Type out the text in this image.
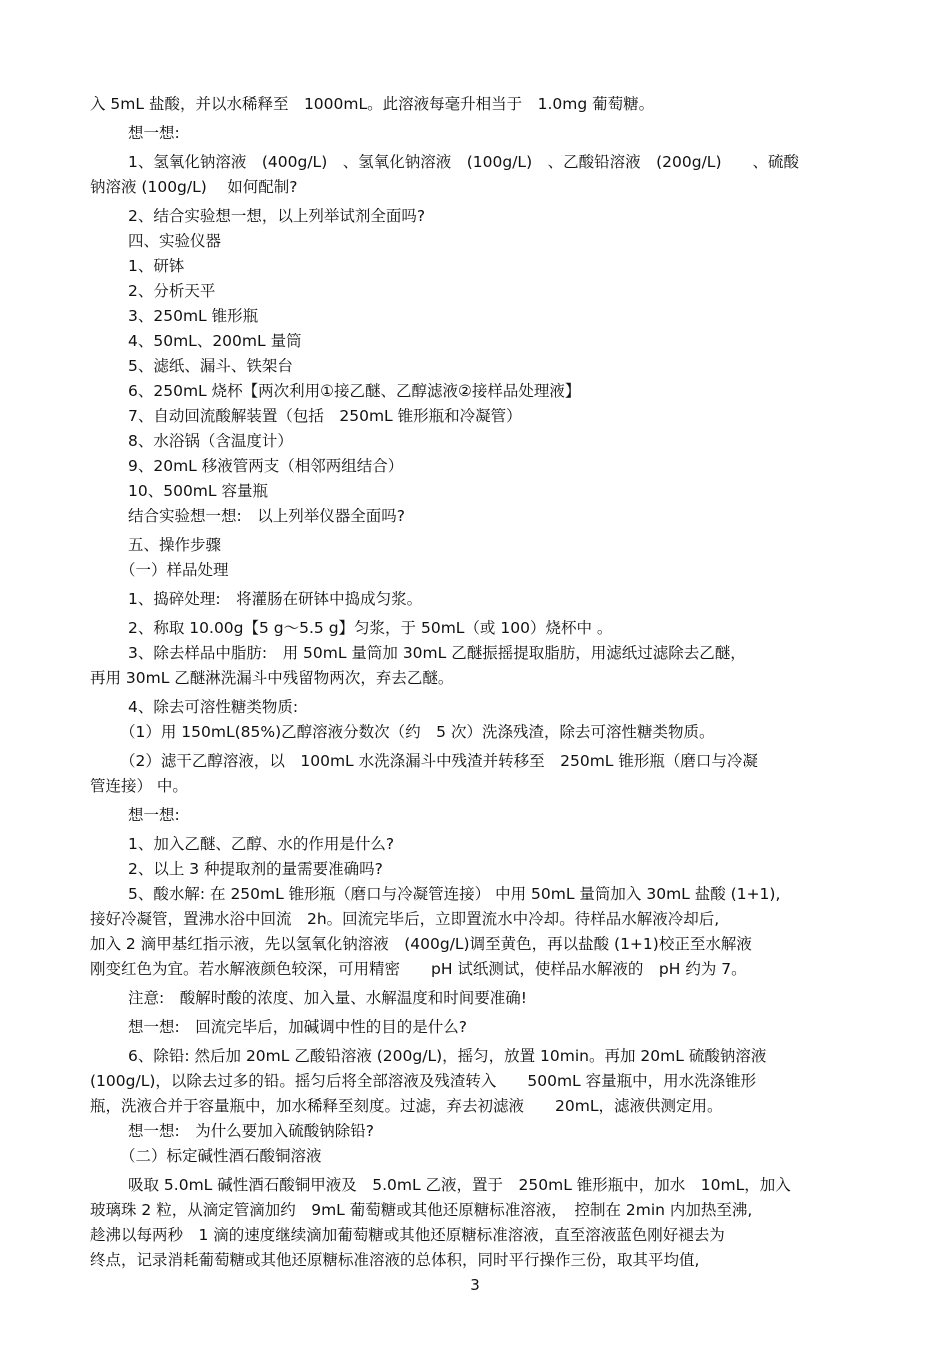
入 5mL 盐酸，并以水稀释至　1000mL。此溶液每毫升相当于　1.0mg 葡萄糖。
想一想:
1、氢氧化钠溶液　(400g/L)　、氢氧化钠溶液　(100g/L)　、乙酸铅溶液　(200g/L)　　、硫酸
钠溶液 (100g/L)　 如何配制?
2、结合实验想一想，以上列举试剂全面吗?
四、实验仪器
1、研钵
2、分析天平
3、250mL 锥形瓶
4、50mL、200mL 量筒
5、滤纸、漏斗、铁架台
6、250mL 烧杯【两次利用①接乙醚、乙醇滤液②接样品处理液】
7、自动回流酸解装置（包括　250mL 锥形瓶和冷凝管）
8、水浴锅（含温度计）
9、20mL 移液管两支（相邻两组结合）
10、500mL 容量瓶
结合实验想一想:　以上列举仪器全面吗?
五、操作步骤
（一）样品处理
1、捣碎处理:　将灌肠在研钵中捣成匀浆。
2、称取 10.00g【5 g～5.5 g】匀浆，于 50mL（或 100）烧杯中 。
3、除去样品中脂肪:　用 50mL 量筒加 30mL 乙醚振摇提取脂肪，用滤纸过滤除去乙醚，
再用 30mL 乙醚淋洗漏斗中残留物两次，弃去乙醚。
4、除去可溶性糖类物质:
（1）用 150mL(85%)乙醇溶液分数次（约　5 次）洗涤残渣，除去可溶性糖类物质。
（2）滤干乙醇溶液，以　100mL 水洗涤漏斗中残渣并转移至　250mL 锥形瓶（磨口与冷凝
管连接） 中。
想一想:
1、加入乙醚、乙醇、水的作用是什么?
2、以上 3 种提取剂的量需要准确吗?
5、酸水解: 在 250mL 锥形瓶（磨口与冷凝管连接） 中用 50mL 量筒加入 30mL 盐酸 (1+1),
接好冷凝管，置沸水浴中回流　2h。回流完毕后，立即置流水中冷却。待样品水解液冷却后,
加入 2 滴甲基红指示液，先以氢氧化钠溶液　(400g/L)调至黄色，再以盐酸 (1+1)校正至水解液
刚变红色为宜。若水解液颜色较深，可用精密　　pH 试纸测试，使样品水解液的　pH 约为 7。
注意:　酸解时酸的浓度、加入量、水解温度和时间要准确!
想一想:　回流完毕后，加碱调中性的目的是什么?
6、除铅: 然后加 20mL 乙酸铅溶液 (200g/L)，摇匀，放置 10min。再加 20mL 硫酸钠溶液
(100g/L)，以除去过多的铅。摇匀后将全部溶液及残渣转入　　500mL 容量瓶中，用水洗涤锥形
瓶，洗液合并于容量瓶中，加水稀释至刻度。过滤，弃去初滤液　　20mL，滤液供测定用。
想一想:　为什么要加入硫酸钠除铅?
（二）标定碱性酒石酸铜溶液
吸取 5.0mL 碱性酒石酸铜甲液及　5.0mL 乙液，置于　250mL 锥形瓶中，加水　10mL，加入
玻璃珠 2 粒，从滴定管滴加约　9mL 葡萄糖或其他还原糖标准溶液，　控制在 2min 内加热至沸,
趁沸以每两秒　1 滴的速度继续滴加葡萄糖或其他还原糖标准溶液，直至溶液蓝色刚好褪去为
终点，记录消耗葡萄糖或其他还原糖标准溶液的总体积，同时平行操作三份，取其平均值,
3
